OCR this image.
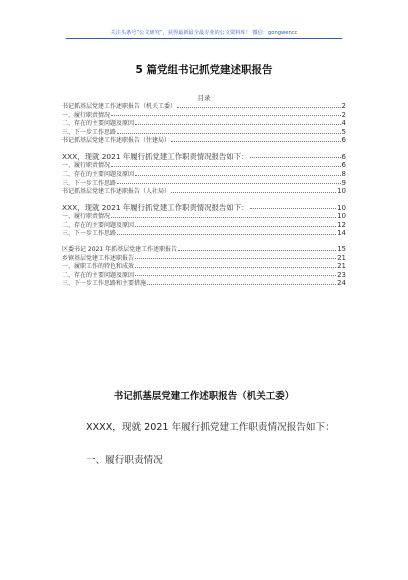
关注头条号“公文研究”，获得最新最全最专业的公文资料库！ 微信：gongwencc
5 篇党组书记抓党建述职报告
目录
书记抓基层党建工作述职报告（机关工委）	2
一、履行职责情况	2
二、存在的主要问题及原因	4
三、下一步工作思路	5
书记抓基层党建工作述职报告（住建局）	6
XXX，现就 2021 年履行抓党建工作职责情况报告如下：	6
一、履行职责情况	6
二、存在的主要问题及原因	8
三、下一步工作思路	9
书记抓基层党建工作述职报告（人社局）	10
XXX，现就 2021 年履行抓党建工作职责情况报告如下：	10
一、履行职责情况	10
二、存在的主要问题及原因	12
三、下一步工作思路	14
区委书记 2021 年抓基层党建工作述职报告	15
乡镇基层党建工作述职报告	21
一、履职工作的特色和成效	21
二、存在的主要问题及原因	23
三、下一步工作思路和主要措施	24
书记抓基层党建工作述职报告（机关工委）
XXXX，现就 2021 年履行抓党建工作职责情况报告如下：
一、履行职责情况
